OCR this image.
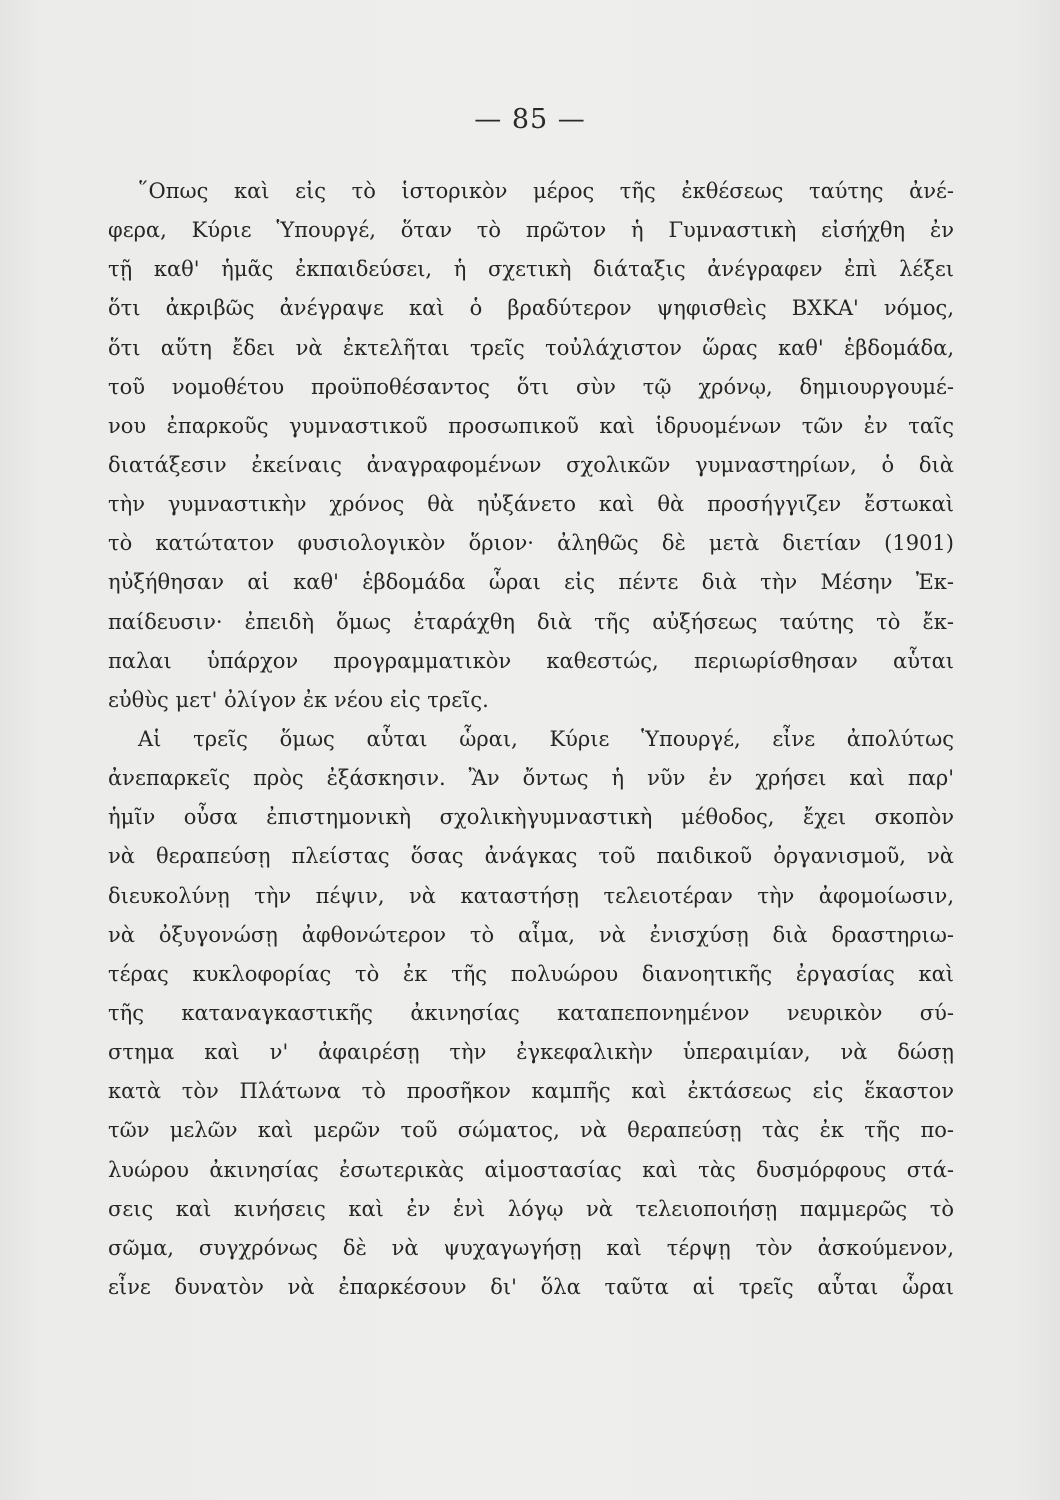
— 85 —
῞Οπως καὶ εἰς τὸ ἱστορικὸν μέρος τῆς ἐκθέσεως ταύτης ἀνέ-
φερα, Κύριε Ὑπουργέ, ὅταν τὸ πρῶτον ἡ Γυμναστικὴ εἰσήχθη ἐν
τῇ καθ' ἡμᾶς ἐκπαιδεύσει, ἡ σχετικὴ διάταξις ἀνέγραφεν ἐπὶ λέξει
ὅτι ἀκριβῶς ἀνέγραψε καὶ ὁ βραδύτερον ψηφισθεὶς ΒΧΚΑ' νόμος,
ὅτι αὕτη ἔδει νὰ ἐκτελῆται τρεῖς τοὐλάχιστον ὥρας καθ' ἑβδομάδα,
τοῦ νομοθέτου προϋποθέσαντος ὅτι σὺν τῷ χρόνῳ, δημιουργουμέ-
νου ἐπαρκοῦς γυμναστικοῦ προσωπικοῦ καὶ ἱδρυομένων τῶν ἐν ταῖς
διατάξεσιν ἐκείναις ἀναγραφομένων σχολικῶν γυμναστηρίων, ὁ διὰ
τὴν γυμναστικὴν χρόνος θὰ ηὐξάνετο καὶ θὰ προσήγγιζεν ἔστωκαὶ
τὸ κατώτατον φυσιολογικὸν ὅριον· ἀληθῶς δὲ μετὰ διετίαν (1901)
ηὐξήθησαν αἱ καθ' ἑβδομάδα ὧραι εἰς πέντε διὰ τὴν Μέσην Ἐκ-
παίδευσιν· ἐπειδὴ ὅμως ἐταράχθη διὰ τῆς αὐξήσεως ταύτης τὸ ἔκ-
παλαι ὑπάρχον προγραμματικὸν καθεστώς, περιωρίσθησαν αὗται
εὐθὺς μετ' ὀλίγον ἐκ νέου εἰς τρεῖς.
Αἱ τρεῖς ὅμως αὗται ὧραι, Κύριε Ὑπουργέ, εἶνε ἀπολύτως
ἀνεπαρκεῖς πρὸς ἐξάσκησιν. Ἂν ὄντως ἡ νῦν ἐν χρήσει καὶ παρ'
ἡμῖν οὖσα ἐπιστημονικὴ σχολικὴγυμναστικὴ μέθοδος, ἔχει σκοπὸν
νὰ θεραπεύσῃ πλείστας ὅσας ἀνάγκας τοῦ παιδικοῦ ὀργανισμοῦ, νὰ
διευκολύνῃ τὴν πέψιν, νὰ καταστήσῃ τελειοτέραν τὴν ἀφομοίωσιν,
νὰ ὀξυγονώσῃ ἀφθονώτερον τὸ αἷμα, νὰ ἐνισχύσῃ διὰ δραστηριω-
τέρας κυκλοφορίας τὸ ἐκ τῆς πολυώρου διανοητικῆς ἐργασίας καὶ
τῆς καταναγκαστικῆς ἀκινησίας καταπεπονημένον νευρικὸν σύ-
στημα καὶ ν' ἀφαιρέσῃ τὴν ἐγκεφαλικὴν ὑπεραιμίαν, νὰ δώσῃ
κατὰ τὸν Πλάτωνα τὸ προσῆκον καμπῆς καὶ ἐκτάσεως εἰς ἕκαστον
τῶν μελῶν καὶ μερῶν τοῦ σώματος, νὰ θεραπεύσῃ τὰς ἐκ τῆς πο-
λυώρου ἀκινησίας ἐσωτερικὰς αἱμοστασίας καὶ τὰς δυσμόρφους στά-
σεις καὶ κινήσεις καὶ ἐν ἑνὶ λόγῳ νὰ τελειοποιήσῃ παμμερῶς τὸ
σῶμα, συγχρόνως δὲ νὰ ψυχαγωγήσῃ καὶ τέρψῃ τὸν ἀσκούμενον,
εἶνε δυνατὸν νὰ ἐπαρκέσουν δι' ὅλα ταῦτα αἱ τρεῖς αὗται ὧραι
